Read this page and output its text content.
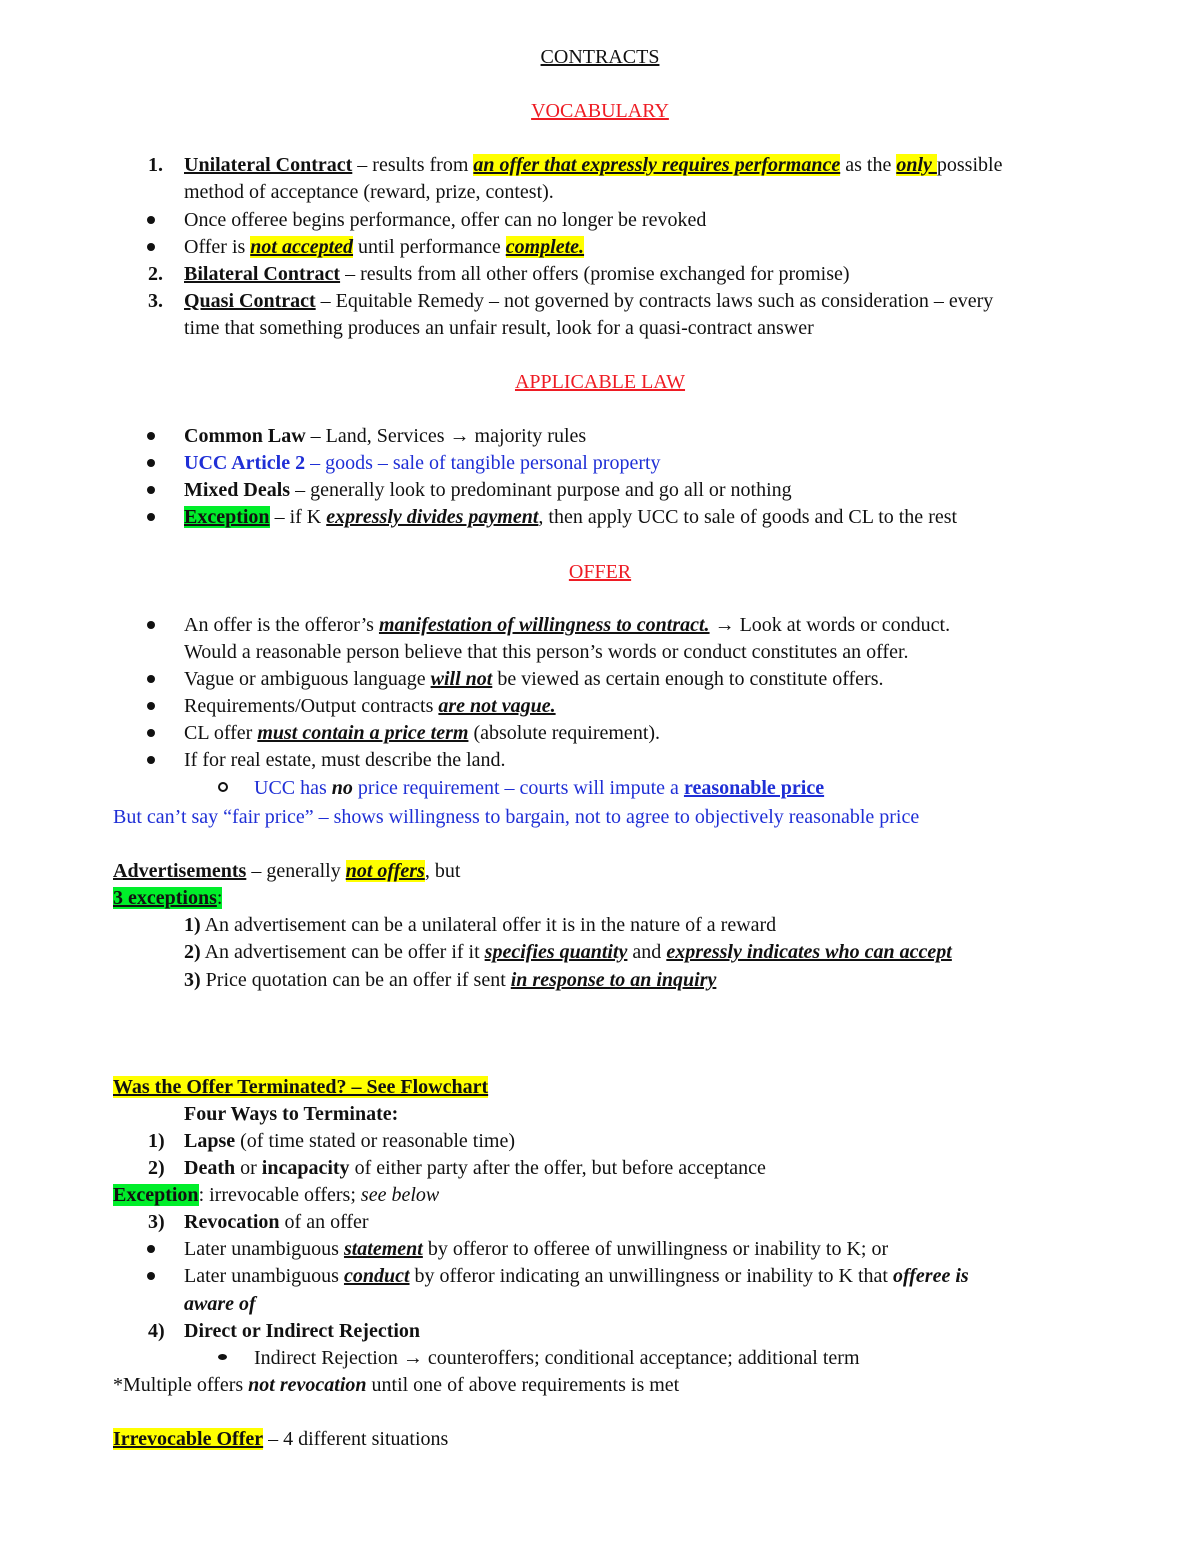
CONTRACTS
VOCABULARY
1. Unilateral Contract – results from an offer that expressly requires performance as the only possible
method of acceptance (reward, prize, contest).
Once offeree begins performance, offer can no longer be revoked
Offer is not accepted until performance complete.
2. Bilateral Contract – results from all other offers (promise exchanged for promise)
3. Quasi Contract – Equitable Remedy – not governed by contracts laws such as consideration – every
time that something produces an unfair result, look for a quasi-contract answer
APPLICABLE LAW
Common Law – Land, Services → majority rules
UCC Article 2 – goods – sale of tangible personal property
Mixed Deals – generally look to predominant purpose and go all or nothing
Exception – if K expressly divides payment, then apply UCC to sale of goods and CL to the rest
OFFER
An offer is the offeror’s manifestation of willingness to contract. → Look at words or conduct.
Would a reasonable person believe that this person’s words or conduct constitutes an offer.
Vague or ambiguous language will not be viewed as certain enough to constitute offers.
Requirements/Output contracts are not vague.
CL offer must contain a price term (absolute requirement).
If for real estate, must describe the land.
UCC has no price requirement – courts will impute a reasonable price
But can’t say “fair price” – shows willingness to bargain, not to agree to objectively reasonable price
Advertisements – generally not offers, but
3 exceptions:
1) An advertisement can be a unilateral offer it is in the nature of a reward
2) An advertisement can be offer if it specifies quantity and expressly indicates who can accept
3) Price quotation can be an offer if sent in response to an inquiry
Was the Offer Terminated? – See Flowchart
Four Ways to Terminate:
1) Lapse (of time stated or reasonable time)
2) Death or incapacity of either party after the offer, but before acceptance
Exception: irrevocable offers; see below
3) Revocation of an offer
Later unambiguous statement by offeror to offeree of unwillingness or inability to K; or
Later unambiguous conduct by offeror indicating an unwillingness or inability to K that offeree is
aware of
4) Direct or Indirect Rejection
Indirect Rejection → counteroffers; conditional acceptance; additional term
*Multiple offers not revocation until one of above requirements is met
Irrevocable Offer – 4 different situations
